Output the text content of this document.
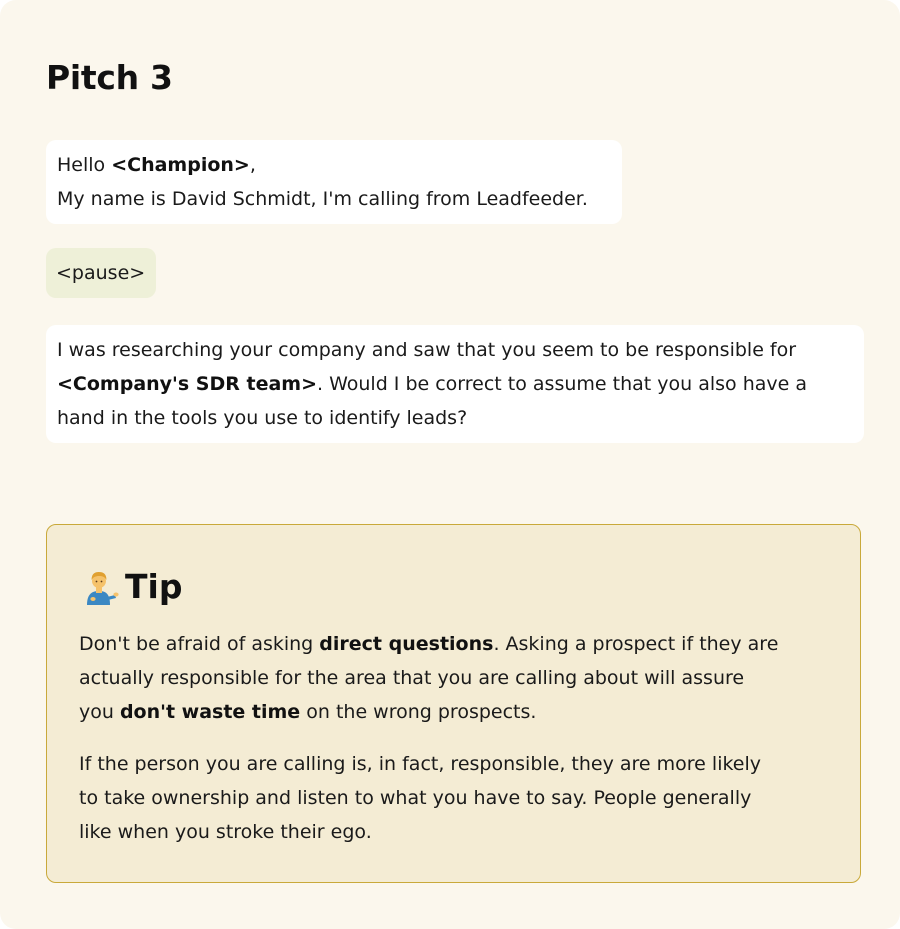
Pitch 3
Hello <Champion>,
My name is David Schmidt, I'm calling from Leadfeeder.
<pause>
I was researching your company and saw that you seem to be responsible for
<Company's SDR team>. Would I be correct to assume that you also have a
hand in the tools you use to identify leads?
Tip

Don't be afraid of asking direct questions. Asking a prospect if they are
actually responsible for the area that you are calling about will assure
you don't waste time on the wrong prospects.

If the person you are calling is, in fact, responsible, they are more likely
to take ownership and listen to what you have to say. People generally
like when you stroke their ego.
